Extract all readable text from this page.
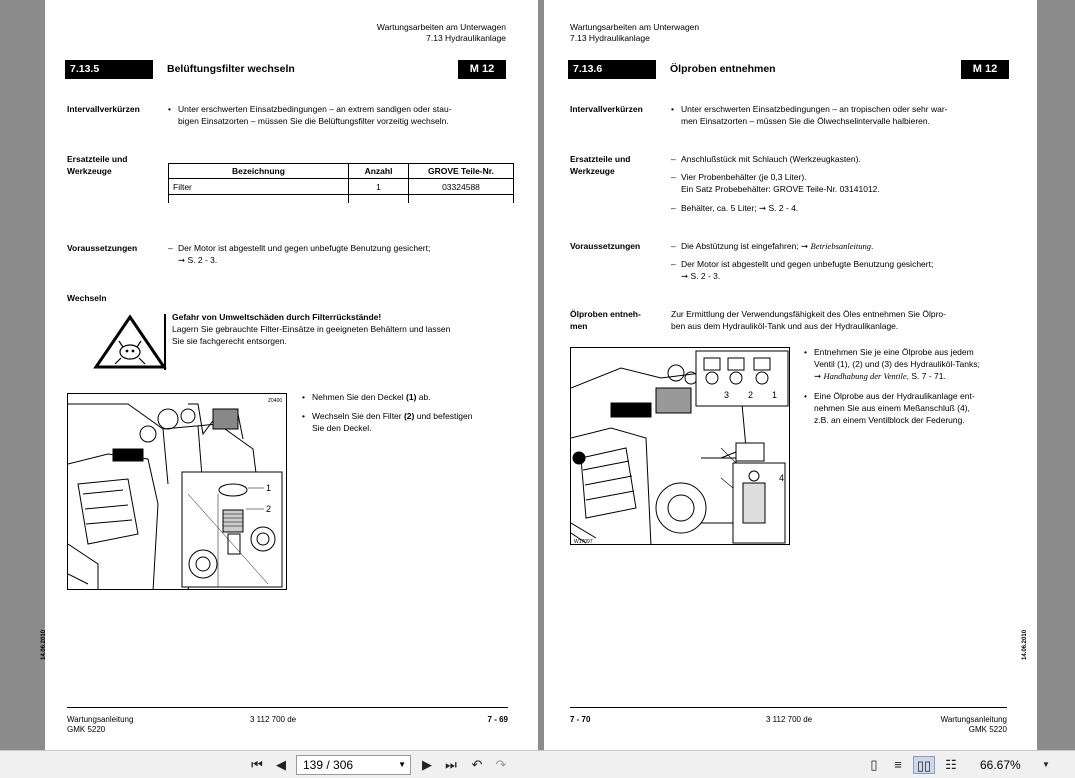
Wartungsarbeiten am Unterwagen
7.13 Hydraulikanlage
7.13.5	Belüftungsfilter wechseln	M 12
Intervallverkürzen	• Unter erschwerten Einsatzbedingungen – an extrem sandigen oder stau-
bigen Einsatzorten – müssen Sie die Belüftungsfilter vorzeitig wechseln.
Ersatzteile und
Werkzeuge	Bezeichnung	Anzahl	GROVE Teile-Nr.
Filter	1	03324588

Voraussetzungen	– Der Motor ist abgestellt und gegen unbefugte Benutzung gesichert;
➞ S. 2 - 3.
Wechseln
Gefahr von Umweltschäden durch Filterrückstände!
Lagern Sie gebrauchte Filter-Einsätze in geeigneten Behältern und lassen
Sie sie fachgerecht entsorgen.
1
2
Z0400	• Nehmen Sie den Deckel (1) ab.
• Wechseln Sie den Filter (2) und befestigen
Sie den Deckel.
14.06.2010
Wartungsanleitung
GMK 5220
3 112 700 de	7 - 69
Wartungsarbeiten am Unterwagen
7.13 Hydraulikanlage
7.13.6	Ölproben entnehmen	M 12
Intervallverkürzen	• Unter erschwerten Einsatzbedingungen – an tropischen oder sehr war-
men Einsatzorten – müssen Sie die Ölwechselintervalle halbieren.
Ersatzteile und
Werkzeuge
– Anschlußstück mit Schlauch (Werkzeugkasten).
– Vier Probenbehälter (je 0,3 Liter).
Ein Satz Probebehälter: GROVE Teile-Nr. 03141012.
– Behälter, ca. 5 Liter; ➞ S. 2 - 4.
Voraussetzungen	– Die Abstützung ist eingefahren; ➞ Betriebsanleitung.
– Der Motor ist abgestellt und gegen unbefugte Benutzung gesichert;
➞ S. 2 - 3.
Ölproben entneh-
men
Zur Ermittlung der Verwendungsfähigkeit des Öles entnehmen Sie Ölpro-
ben aus dem Hydrauliköl-Tank und aus der Hydraulikanlage.
3 2 1
4
W17097
• Entnehmen Sie je eine Ölprobe aus jedem
Ventil (1), (2) und (3) des Hydrauliköl-Tanks;
➞ Handhabung der Ventile, S. 7 - 71.
• Eine Ölprobe aus der Hydraulikanlage ent-
nehmen Sie aus einem Meßanschluß (4),
z.B. an einem Ventilblock der Federung.
14.06.2010
7 - 70	3 112 700 de	Wartungsanleitung
GMK 5220
⏮	◀	139 / 306	▼	▶	⏭ ↶ ↷	▯	≡	▯▯ ☷ 66.67%	▼
